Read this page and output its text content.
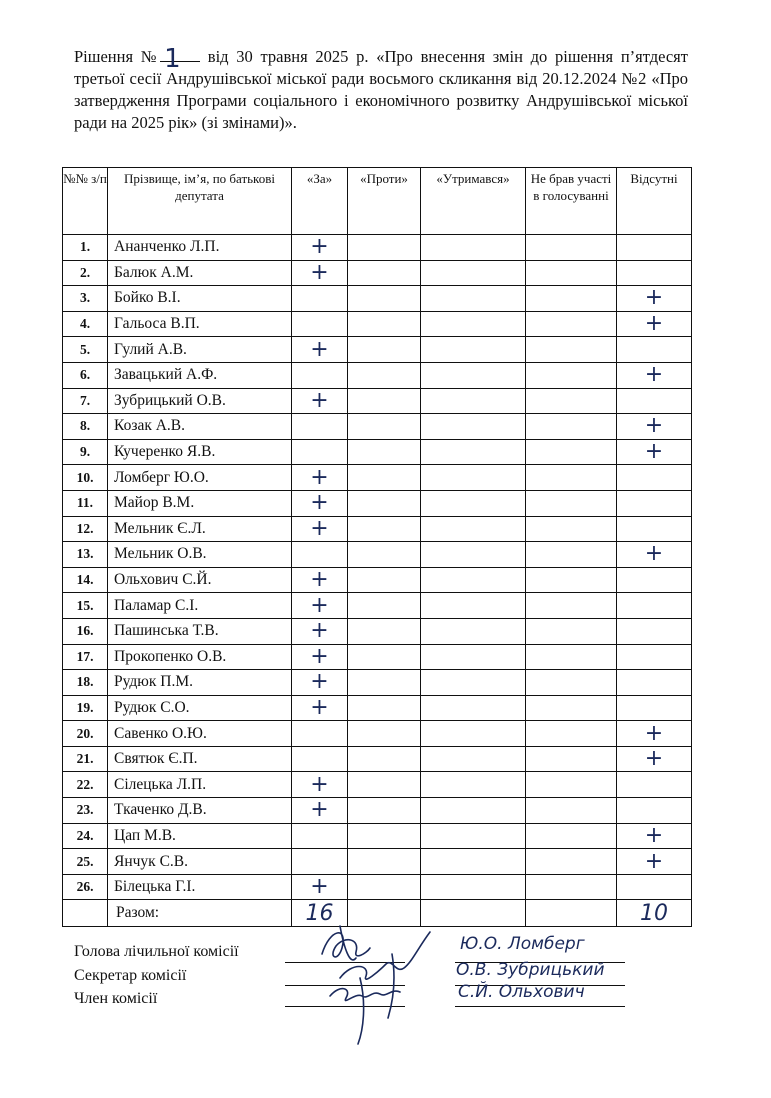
Рішення № 1	від 30 травня 2025 р. «Про внесення змін до рішення п’ятдесят третьої сесії Андрушівської міської ради восьмого скликання від 20.12.2024 №2 «Про затвердження Програми соціального і економічного розвитку Андрушівської міської ради на 2025 рік» (зі змінами)».
№№ з/п	Прізвище, ім’я, по батькові депутата	«За»	«Проти»	«Утримався»	Не брав участі в голосуванні	Відсутні
1.	Ананченко Л.П.	+				
2.	Балюк А.М.	+				
3.	Бойко В.І.					+
4.	Гальоса В.П.					+
5.	Гулий А.В.	+				
6.	Завацький А.Ф.					+
7.	Зубрицький О.В.	+				
8.	Козак А.В.					+
9.	Кучеренко Я.В.					+
10.	Ломберг Ю.О.	+				
11.	Майор В.М.	+				
12.	Мельник Є.Л.	+				
13.	Мельник О.В.					+
14.	Ольхович С.Й.	+				
15.	Паламар С.І.	+				
16.	Пашинська Т.В.	+				
17.	Прокопенко О.В.	+				
18.	Рудюк П.М.	+				
19.	Рудюк С.О.	+				
20.	Савенко О.Ю.					+
21.	Святюк Є.П.					+
22.	Сілецька Л.П.	+				
23.	Ткаченко Д.В.	+				
24.	Цап М.В.					+
25.	Янчук С.В.					+
26.	Білецька Г.І.	+				
	Разом:	16				10
Голова лічильної комісії
Секретар комісії
Член комісії
Ю.О. Ломберг
О.В. Зубрицький
С.Й. Ольхович
